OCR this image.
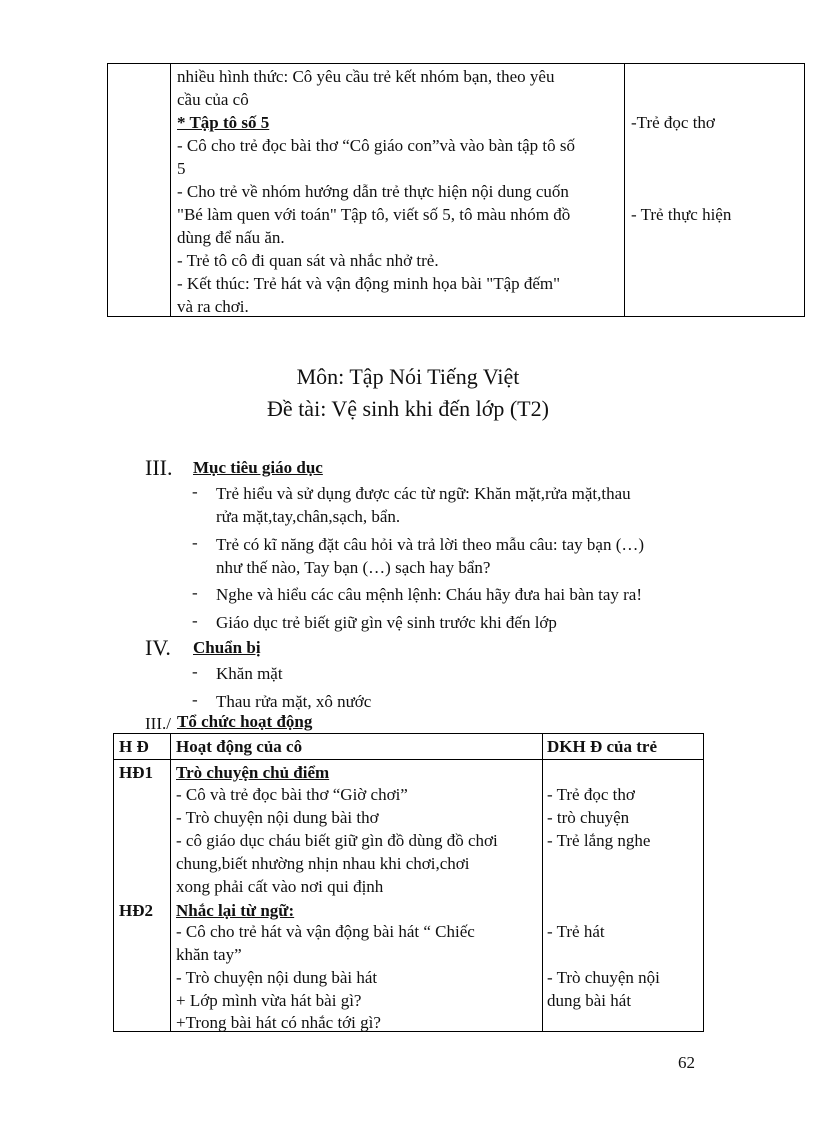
nhiều hình thức: Cô yêu cầu trẻ kết nhóm bạn, theo yêu

cầu của cô

* Tập tô số 5

- Cô cho trẻ đọc bài thơ “Cô giáo con”và vào bàn tập tô số

5

- Cho trẻ về nhóm hướng dẫn trẻ thực hiện nội dung cuốn

"Bé làm quen với toán" Tập tô, viết số 5, tô màu nhóm đồ

dùng để nấu ăn.

- Trẻ tô cô đi quan sát và nhắc nhở trẻ.

- Kết thúc: Trẻ hát và vận động minh họa bài "Tập đếm"

và ra chơi.

-Trẻ đọc thơ
- Trẻ thực hiện
Môn: Tập Nói Tiếng Việt
Đề tài: Vệ sinh khi đến lớp (T2)
III. Mục tiêu giáo dục
- Trẻ hiểu và sử dụng được các từ ngữ: Khăn mặt,rửa mặt,thau
rửa mặt,tay,chân,sạch, bẩn.
- Trẻ có kĩ năng đặt câu hỏi và trả lời theo mẫu câu: tay bạn (…)
như thế nào, Tay bạn (…) sạch hay bẩn?
- Nghe và hiểu các câu mệnh lệnh: Cháu hãy đưa hai bàn tay ra!
- Giáo dục trẻ biết giữ gìn vệ sinh trước khi đến lớp
IV. Chuẩn bị
- Khăn mặt
- Thau rửa mặt, xô nước
III./ Tổ chức hoạt động
H Đ Hoạt động của cô	DKH Đ của trẻ
HĐ1
HĐ2
Trò chuyện chủ điểm
- Cô và trẻ đọc bài thơ “Giờ chơi”
- Trò chuyện nội dung bài thơ
- cô giáo dục cháu biết giữ gìn đồ dùng đồ chơi
chung,biết nhường nhịn nhau khi chơi,chơi
xong phải cất vào nơi qui định
Nhắc lại từ ngữ:
- Cô cho trẻ hát và vận động bài hát “ Chiếc
khăn tay”
- Trò chuyện nội dung bài hát
+ Lớp mình vừa hát bài gì?
+Trong bài hát có nhắc tới gì?
- Trẻ đọc thơ
- trò chuyện
- Trẻ lắng nghe
- Trẻ hát
- Trò chuyện nội
dung bài hát
62
